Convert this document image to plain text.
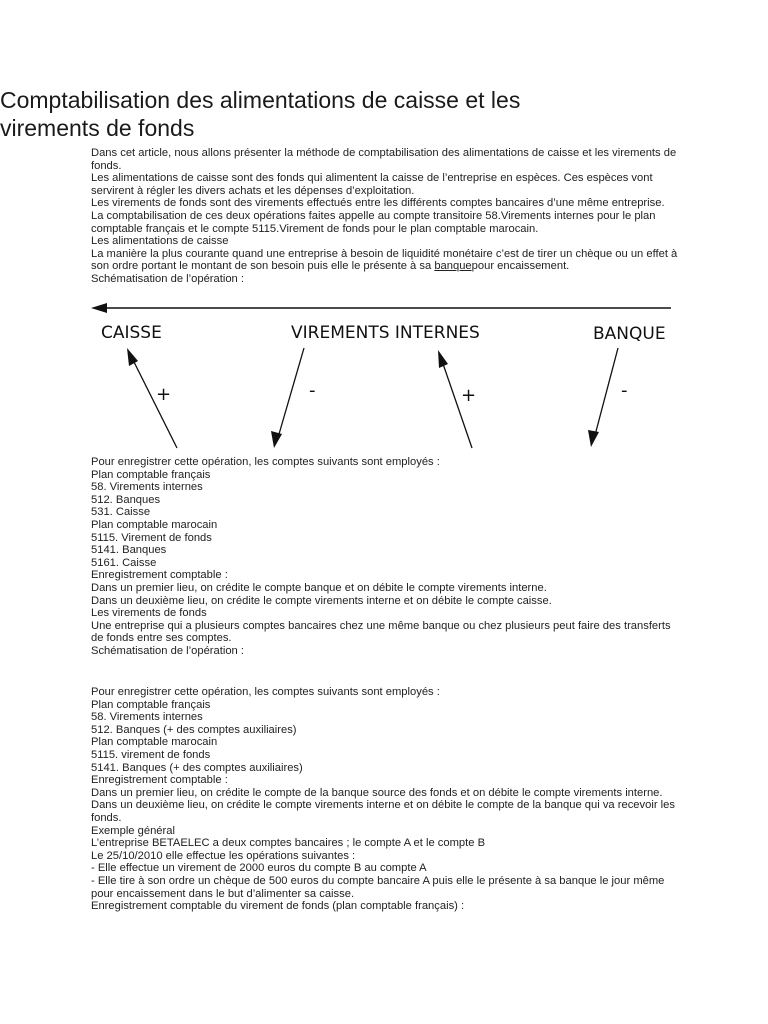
Comptabilisation des alimentations de caisse et les virements de fonds

Dans cet article, nous allons présenter la méthode de comptabilisation des alimentations de caisse et les virements de fonds.

Les alimentations de caisse sont des fonds qui alimentent la caisse de l’entreprise en espèces. Ces espèces vont servirent à régler les divers achats et les dépenses d’exploitation.

Les virements de fonds sont des virements effectués entre les différents comptes bancaires d’une même entreprise.

La comptabilisation de ces deux opérations faites appelle au compte transitoire 58.Virements internes pour le plan comptable français et le compte 5115.Virement de fonds pour le plan comptable marocain.

Les alimentations de caisse

La manière la plus courante quand une entreprise à besoin de liquidité monétaire c’est de tirer un chèque ou un effet à son ordre portant le montant de son besoin puis elle le présente à sa banquepour encaissement.

Schématisation de l’opération :

Pour enregistrer cette opération, les comptes suivants sont employés :

Plan comptable français

58. Virements internes

512. Banques

531. Caisse

Plan comptable marocain

5115. Virement de fonds

5141. Banques

5161. Caisse

Enregistrement comptable :

Dans un premier lieu, on crédite le compte banque et on débite le compte virements interne.

Dans un deuxième lieu, on crédite le compte virements interne et on débite le compte caisse.

Les virements de fonds

Une entreprise qui a plusieurs comptes bancaires chez une même banque ou chez plusieurs peut faire des transferts de fonds entre ses comptes.

Schématisation de l’opération :

Pour enregistrer cette opération, les comptes suivants sont employés :

Plan comptable français

58. Virements internes

512. Banques (+ des comptes auxiliaires)

Plan comptable marocain

5115. virement de fonds

5141. Banques (+ des comptes auxiliaires)

Enregistrement comptable :

Dans un premier lieu, on crédite le compte de la banque source des fonds et on débite le compte virements interne.

Dans un deuxième lieu, on crédite le compte virements interne et on débite le compte de la banque qui va recevoir les fonds.

Exemple général

L’entreprise BETAELEC a deux comptes bancaires ; le compte A et le compte B

Le 25/10/2010 elle effectue les opérations suivantes :

- Elle effectue un virement de 2000 euros du compte B au compte A

- Elle tire à son ordre un chèque de 500 euros du compte bancaire A puis elle le présente à sa banque le jour même pour encaissement dans le but d’alimenter sa caisse.

Enregistrement comptable du virement de fonds (plan comptable français) :

CAISSE	VIREMENTS INTERNES	BANQUE
+	-	+	-
